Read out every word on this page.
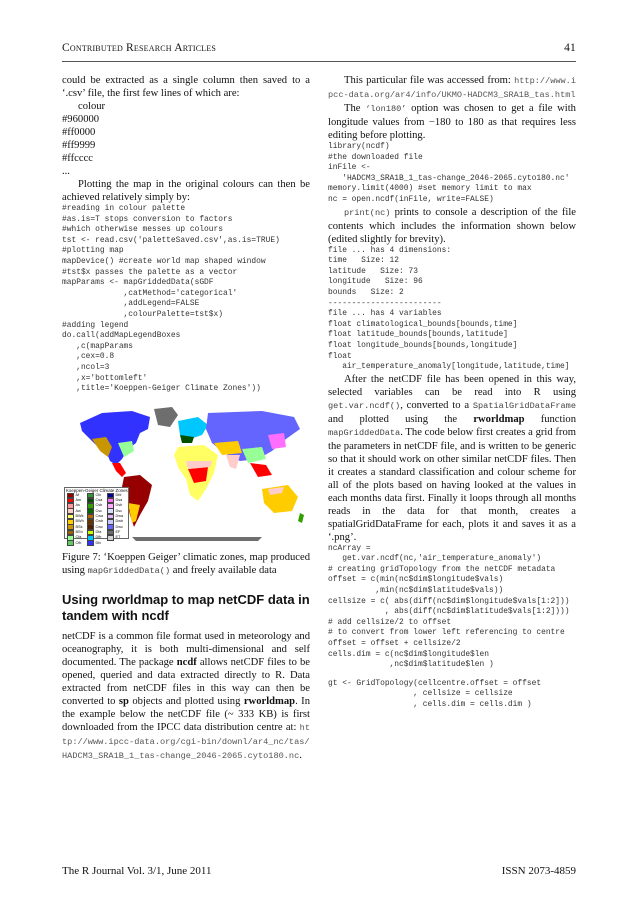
Contributed Research Articles	41

could be extracted as a single column then saved to a ‘.csv’ file, the first few lines of which are:

colour
#960000
#ff0000
#ff9999
#ffcccc
...

Plotting the map in the original colours can then be achieved relatively simply by:

#reading in colour palette
#as.is=T stops conversion to factors
#which otherwise messes up colours
tst <- read.csv('paletteSaved.csv',as.is=TRUE)
#plotting map
mapDevice() #create world map shaped window
#tst$x passes the palette as a vector
mapParams <- mapGriddedData(sGDF
,catMethod='categorical'
,addLegend=FALSE
,colourPalette=tst$x)
#adding legend
do.call(addMapLegendBoxes
,c(mapParams
,cex=0.8
,ncol=3
,x='bottomleft'
,title='Koeppen-Geiger Climate Zones'))
Koeppen-Geiger Climate Zones
Af	Cfc	Dfd
Am	Csa	Dsa
As	Csb	Dsb
Aw	Csc	Dsc
BWk	Cwa	Dwa
BWh	Cwb	Dwb
BSk	Cwc	Dwc
BSh	Dfa	EF
Cfa	Dfb	ET
Cfb	Dfc

Figure 7: ‘Koeppen Geiger’ climatic zones, map produced using mapGriddedData() and freely available data

Using rworldmap to map netCDF data in tandem with ncdf

netCDF is a common file format used in meteorology and oceanography, it is both multi-dimensional and self documented. The package ncdf allows netCDF files to be opened, queried and data extracted directly to R. Data extracted from netCDF files in this way can then be converted to sp objects and plotted using rworldmap. In the example below the netCDF file (~ 333 KB) is first downloaded from the IPCC data distribution centre at: http://www.ipcc-data.org/cgi-bin/downl/ar4_nc/tas/HADCM3_SRA1B_1_tas-change_2046-2065.cyto180.nc.

This particular file was accessed from: http://www.ipcc-data.org/ar4/info/UKMO-HADCM3_SRA1B_tas.html

The ‘lon180’ option was chosen to get a file with longitude values from −180 to 180 as that requires less editing before plotting.

library(ncdf)
#the downloaded file
inFile <-
'HADCM3_SRA1B_1_tas-change_2046-2065.cyto180.nc'
memory.limit(4000) #set memory limit to max
nc = open.ncdf(inFile, write=FALSE)

print(nc) prints to console a description of the file contents which includes the information shown below (edited slightly for brevity).

file ... has 4 dimensions:
time   Size: 12
latitude   Size: 73
longitude   Size: 96
bounds   Size: 2
------------------------
file ... has 4 variables
float climatological_bounds[bounds,time]
float latitude_bounds[bounds,latitude]
float longitude_bounds[bounds,longitude]
float
air_temperature_anomaly[longitude,latitude,time]

After the netCDF file has been opened in this way, selected variables can be read into R using get.var.ncdf(), converted to a SpatialGridDataFrame and plotted using the rworldmap function mapGriddedData. The code below first creates a grid from the parameters in netCDF file, and is written to be generic so that it should work on other similar netCDF files. Then it creates a standard classification and colour scheme for all of the plots based on having looked at the values in each months data first. Finally it loops through all months reads in the data for that month, creates a spatialGridDataFrame for each, plots it and saves it as a ‘.png’.

ncArray =
get.var.ncdf(nc,'air_temperature_anomaly')
# creating gridTopology from the netCDF metadata
offset = c(min(nc$dim$longitude$vals)
,min(nc$dim$latitude$vals))
cellsize = c( abs(diff(nc$dim$longitude$vals[1:2]))
, abs(diff(nc$dim$latitude$vals[1:2])))
# add cellsize/2 to offset
# to convert from lower left referencing to centre
offset = offset + cellsize/2
cells.dim = c(nc$dim$longitude$len
,nc$dim$latitude$len )
gt <- GridTopology(cellcentre.offset = offset
, cellsize = cellsize
, cells.dim = cells.dim )
The R Journal Vol. 3/1, June 2011	ISSN 2073-4859
